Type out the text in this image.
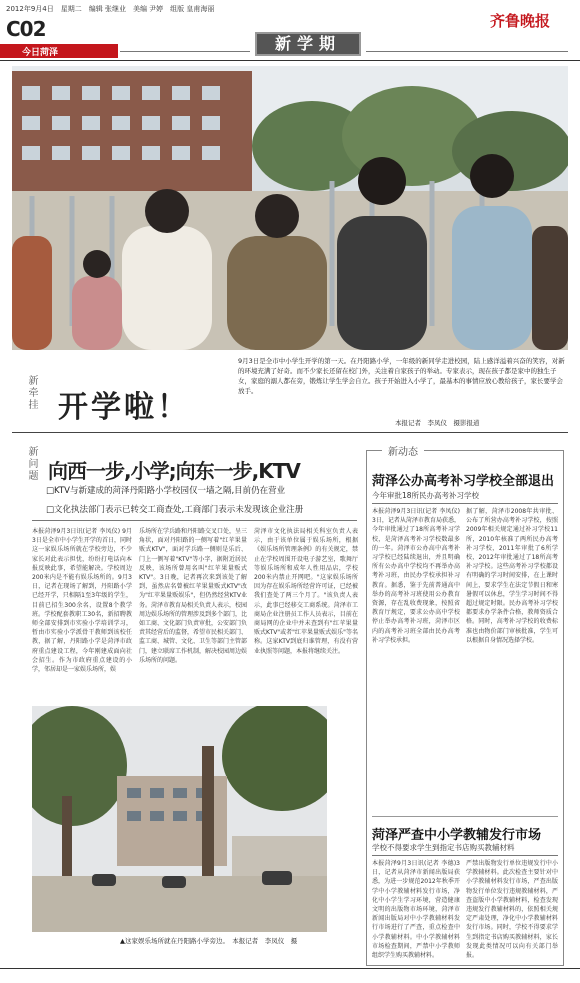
2012年9月4日　星期二　编辑 张继业　美编 尹婷　组版 皇甫海丽
C02
今日菏泽
齐鲁晚报
新学期
9月3日是全市中小学生开学的第一天。在丹阳路小学，一年级的新同学走进校园，陆上感洋溢着兴奋的笑容，对新的环境充满了好奇。而不少家长还留在校门外，关注着自家孩子的举动。专家表示，现在孩子都是家中的独生子女，家庭的溺人都在旁，锻炼让学生学会自立。孩子开始进入小学了，最基本的事情应放心教给孩子，家长要学会放手。
本报记者　李凤仪　摄影报道
新牵挂 开学啦！
新问题 向西一步,小学;向东一步,KTV
□KTV与新建成的菏泽丹阳路小学校园仅一墙之隔,目前仍在营业
□文化执法部门表示已转交工商查处,工商部门表示未发现该企业注册
本报菏泽9月3日讯(记者 李凤仪) 9月3日是全市中小学生开学的首日，同时这一家娱乐场所就在学校旁边，不少家长对此表示担忧，纷纷打电话向本报反映此事，希望能解决。学校周边200米内是不能有娱乐场所的。9月3日，记者在现场了解到，丹阳路小学已经开学，只相隔1至3年级的学生，目前已招生300余名，设置8个教学班。学校配套教职工30名，新招聘教师全部安排到市实验小学培训学习，暂由市实验小学派骨干教师到该校任教，据了解，丹阳路小学是菏泽市政府重点建设工程，今年刚建成面向社会招生。作为市政府重点建设的小学，邻居却是一家娱乐场所，娱
乐场所在学兵路和丹阳路交叉口处，呈三角状，面对丹阳路的一侧写着"红苹果量贩式KTV"，面对学兵路一侧则是乐后、门上一侧写着"KTV"等小字，据附近居民反映，该场所曾用名叫"红苹果量贩式KTV"。3日晚，记者再次来到该处了解到，虽然店名曾被红苹果量贩式KTV"改为"红苹果量贩娱乐"，但仍然经营KTV业务。菏泽市教育局相关负责人表示，校园周边娱乐场所的管理涉及到多个部门，比如工商、文化部门负责审批，公安部门负责其经营后的监督，希望市民相关部门、监工商、城管、文化、卫生等部门主管部门，建立联席工作机制，解决校园周边娱乐场所的问题。
菏泽市文化执法局相关科室负责人表示，由于该单位属于娱乐场所，根据《娱乐场所管理条例》的有关规定，禁止在学校周围开设电子游艺室，歌舞厅等娱乐场所和成年人性用品店，学校200米内禁止开网吧。"这家娱乐场所因为存在娱乐场所经营许可证，已经被我们查处了两三个月了。"该负责人表示，此事已经移交工商系统。菏泽市工商局企业注册员工作人员表示，目前在商局网的企业中并未查到有"红苹果量贩式KTV"或者"红苹果量贩式娱乐"等名称。这家KTV到底归谁管理，有没有营业执照等问题，本报将继续关注。
▲这家娱乐场所就在丹阳路小学旁边。　本报记者　李凤仪　摄
新动态
菏泽公办高考补习学校全部退出
今年审批18所民办高考补习学校
本报菏泽9月3日讯(记者 李凤仪) 3日，记者从菏泽市教育局获悉，今年审批通过了18所高考补习学校，是菏泽高考补习学校数最多的一年。菏泽市公办高中高考补习学校已经陆续退出，并且明确所有公办高中学校均不再举办高考补习班，由民办学校承担补习教育。据悉，鉴于先前普通高中举办的高考补习班使用公办教育资源，存在乱收费现象，按照省教育厅规定，要求公办高中学校停止举办高考补习班，菏泽市区内的高考补习班全部由民办高考补习学校承担。
据了解，菏泽市2008年共审批、公布了所营办高考补习学校，按照2009年相关规定通过补习学校11所，2010年核准了两所民办高考补习学校，2011年审批了6所学校，2012年审批通过了18所高考补习学校。这些高考补习学校都设有明确的学习时间安排，在上课时间上，要求学生在法定节假日和寒暑假可以休息，学生学习时间不得超过规定时限。民办高考补习学校都要求办学条件合格，教师资质合格。同时，高考补习学校的收费标准也由物价部门审核批准，学生可以根据自身情况选择学校。
菏泽严查中小学教辅发行市场
学校不得要求学生到指定书店购买教辅材料
本报菏泽9月3日讯(记者 李德)3日，记者从菏泽市新闻出版局获悉，为进一步规范2012年秋季开学中小学教辅材料发行市场，净化中小学生学习环境，营造健康文明的出版物市场环境，菏泽市新闻出版局对中小学教辅材料发行市场进行了严查，重点检查中小学教辅材料。中小学教辅材料市场检查期间，严禁中小学教师组织学生购买教辅材料。
严禁出版物发行单位违规发行中小学教辅材料。此次检查主要针对中小学教辅材料发行市场，严查出版物发行单位发行违规教辅材料，严查盗版中小学教辅材料，检查发现违规发行教辅材料的，依照相关规定严肃处理，净化中小学教辅材料发行市场。同时，学校不得要求学生到指定书店购买教辅材料，家长发现此类情况可以向有关部门举报。
